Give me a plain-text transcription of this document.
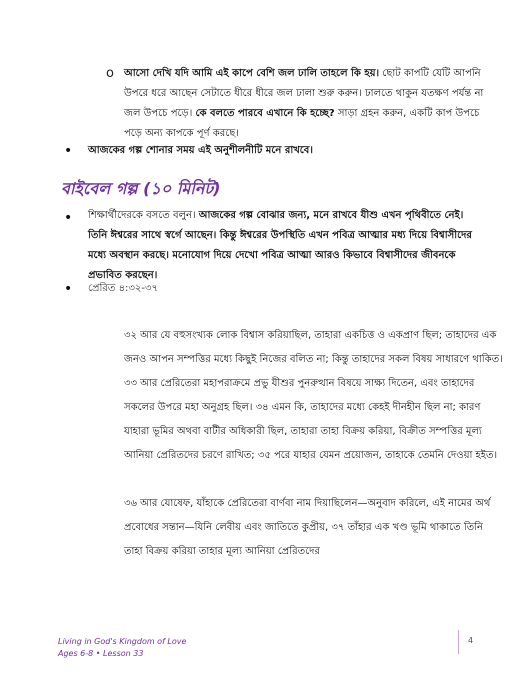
o আসো দেখি যদি আমি এই কাপে বেশি জল ঢালি তাহলে কি হয়। ছোট কাপটি যেটি আপনি উপরে ধরে আছেন সেটাতে ধীরে ধীরে জল ঢালা শুরু করুন। ঢালতে থাকুন যতক্ষণ পর্যন্ত না জল উপচে পড়ে। কে বলতে পারবে এখানে কি হচ্ছে? সাড়া গ্রহন করুন, একটি কাপ উপচে পড়ে অন্য কাপকে পূর্ণ করছে।
• আজকের গল্প শোনার সময় এই অনুশীলনীটি মনে রাখবে।
বাইবেল গল্প (১০ মিনিট)
• শিক্ষার্থীদেরকে বসতে বলুন। আজকের গল্প বোঝার জন্য, মনে রাখবে যীশু এখন পৃথিবীতে নেই। তিনি ঈশ্বরের সাথে স্বর্গে আছেন। কিন্তু ঈশ্বরের উপস্থিতি এখন পবিত্র আত্মার মধ্য দিয়ে বিশ্বাসীদের মধ্যে অবস্থান করছে। মনোযোগ দিয়ে দেখো পবিত্র আত্মা আরও কিভাবে বিশ্বাসীদের জীবনকে প্রভাবিত করছেন।
• প্রেরিত ৪:৩২-৩৭
৩২ আর যে বহুসংখ্যক লোক বিশ্বাস করিয়াছিল, তাহারা একচিত্ত ও একপ্রাণ ছিল; তাহাদের এক জনও আপন সম্পত্তির মধ্যে কিছুই নিজের বলিত না; কিন্তু তাহাদের সকল বিষয় সাধারণে থাকিত। ৩৩ আর প্রেরিতেরা মহাপরাক্রমে প্রভু যীশুর পুনরুত্থান বিষয়ে সাক্ষ্য দিতেন, এবং তাহাদের সকলের উপরে মহা অনুগ্রহ ছিল। ৩৪ এমন কি, তাহাদের মধ্যে কেহই দীনহীন ছিল না; কারণ যাহারা ভূমির অথবা বাটীর অধিকারী ছিল, তাহারা তাহা বিক্রয় করিয়া, বিক্রীত সম্পত্তির মূল্য আনিয়া প্রেরিতদের চরণে রাখিত; ৩৫ পরে যাহার যেমন প্রয়োজন, তাহাকে তেমনি দেওয়া হইত।
৩৬ আর যোষেফ, যাঁহাকে প্রেরিতেরা বার্ণবা নাম দিয়াছিলেন—অনুবাদ করিলে, এই নামের অর্থ প্রবোধের সন্তান—যিনি লেবীয় এবং জাতিতে কুপ্রীয়, ৩৭ তাঁহার এক খণ্ড ভূমি থাকাতে তিনি তাহা বিক্রয় করিয়া তাহার মূল্য আনিয়া প্রেরিতদের
Living in God's Kingdom of Love
Ages 6-8 • Lesson 33
4
